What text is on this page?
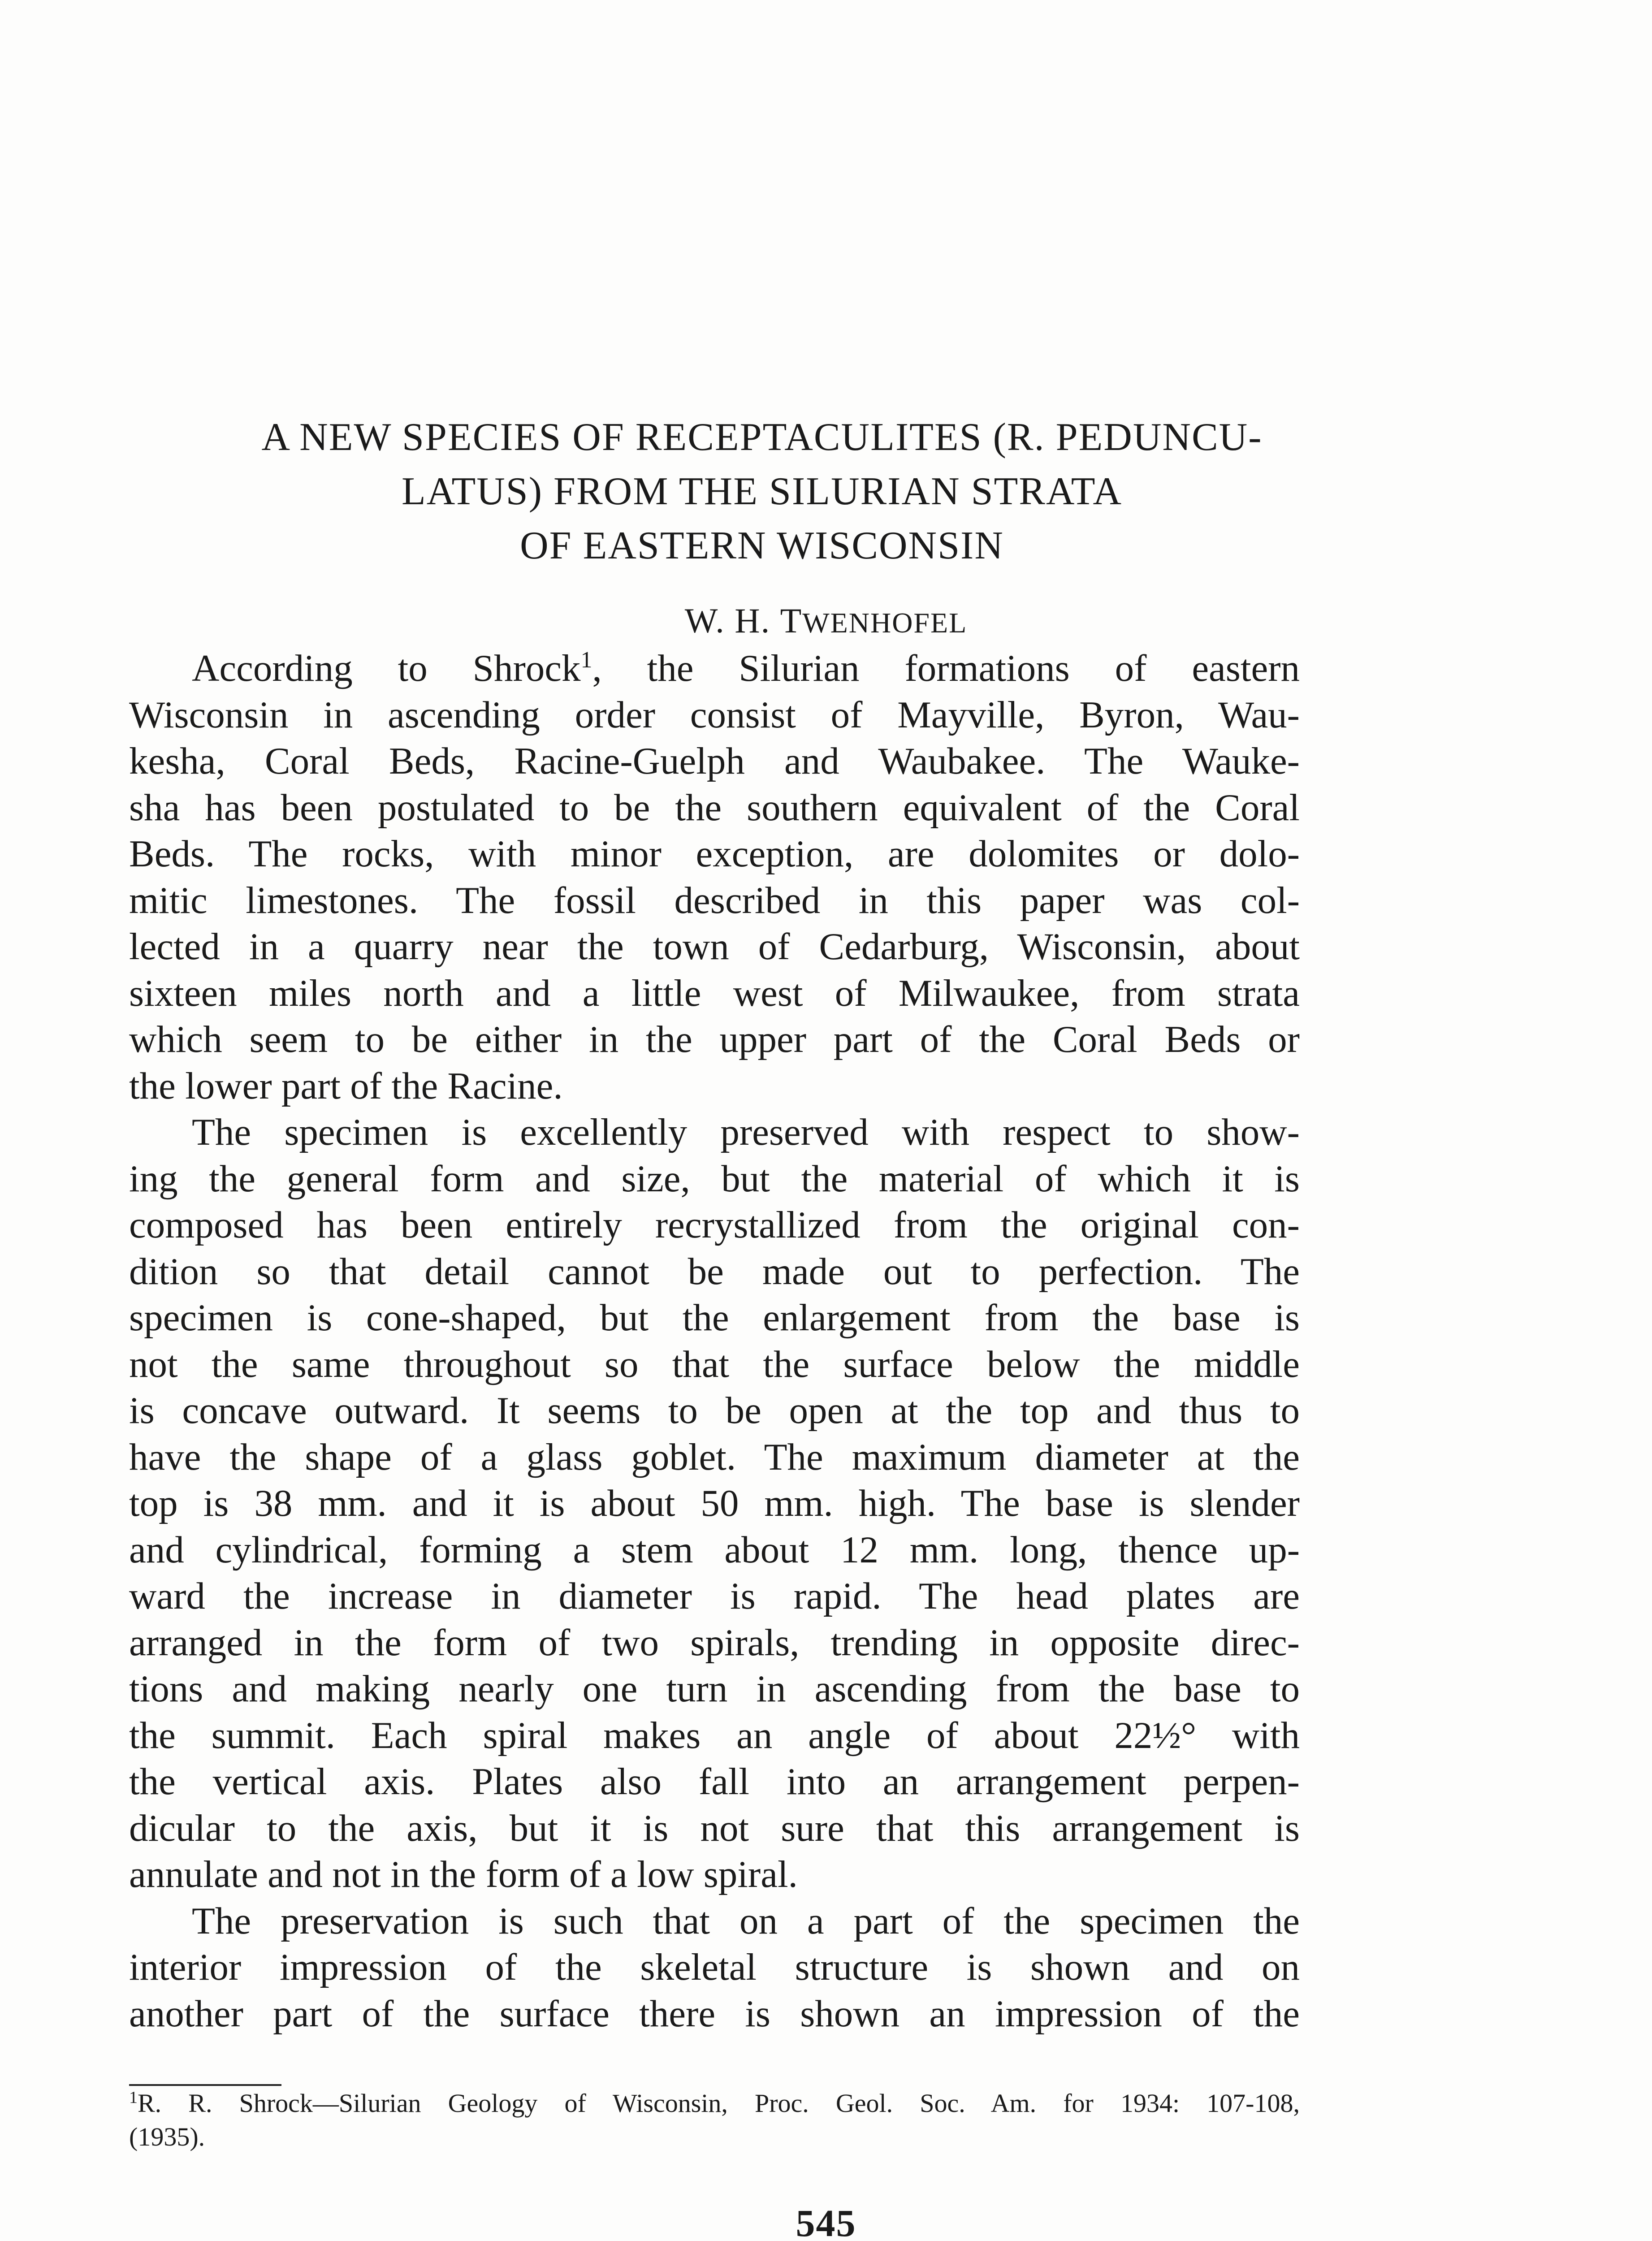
A NEW SPECIES OF RECEPTACULITES (R. PEDUNCU-
LATUS) FROM THE SILURIAN STRATA
OF EASTERN WISCONSIN
W. H. TWENHOFEL
According to Shrock$^1$, the Silurian formations of eastern
Wisconsin in ascending order consist of Mayville, Byron, Wau-
kesha, Coral Beds, Racine-Guelph and Waubakee. The Wauke-
sha has been postulated to be the southern equivalent of the Coral
Beds. The rocks, with minor exception, are dolomites or dolo-
mitic limestones. The fossil described in this paper was col-
lected in a quarry near the town of Cedarburg, Wisconsin, about
sixteen miles north and a little west of Milwaukee, from strata
which seem to be either in the upper part of the Coral Beds or
the lower part of the Racine.
The specimen is excellently preserved with respect to show-
ing the general form and size, but the material of which it is
composed has been entirely recrystallized from the original con-
dition so that detail cannot be made out to perfection. The
specimen is cone-shaped, but the enlargement from the base is
not the same throughout so that the surface below the middle
is concave outward. It seems to be open at the top and thus to
have the shape of a glass goblet. The maximum diameter at the
top is 38 mm. and it is about 50 mm. high. The base is slender
and cylindrical, forming a stem about 12 mm. long, thence up-
ward the increase in diameter is rapid. The head plates are
arranged in the form of two spirals, trending in opposite direc-
tions and making nearly one turn in ascending from the base to
the summit. Each spiral makes an angle of about 22½° with
the vertical axis. Plates also fall into an arrangement perpen-
dicular to the axis, but it is not sure that this arrangement is
annulate and not in the form of a low spiral.
The preservation is such that on a part of the specimen the
interior impression of the skeletal structure is shown and on
another part of the surface there is shown an impression of the
$^1$R. R. Shrock—Silurian Geology of Wisconsin, Proc. Geol. Soc. Am. for 1934: 107-108,
(1935).
545
